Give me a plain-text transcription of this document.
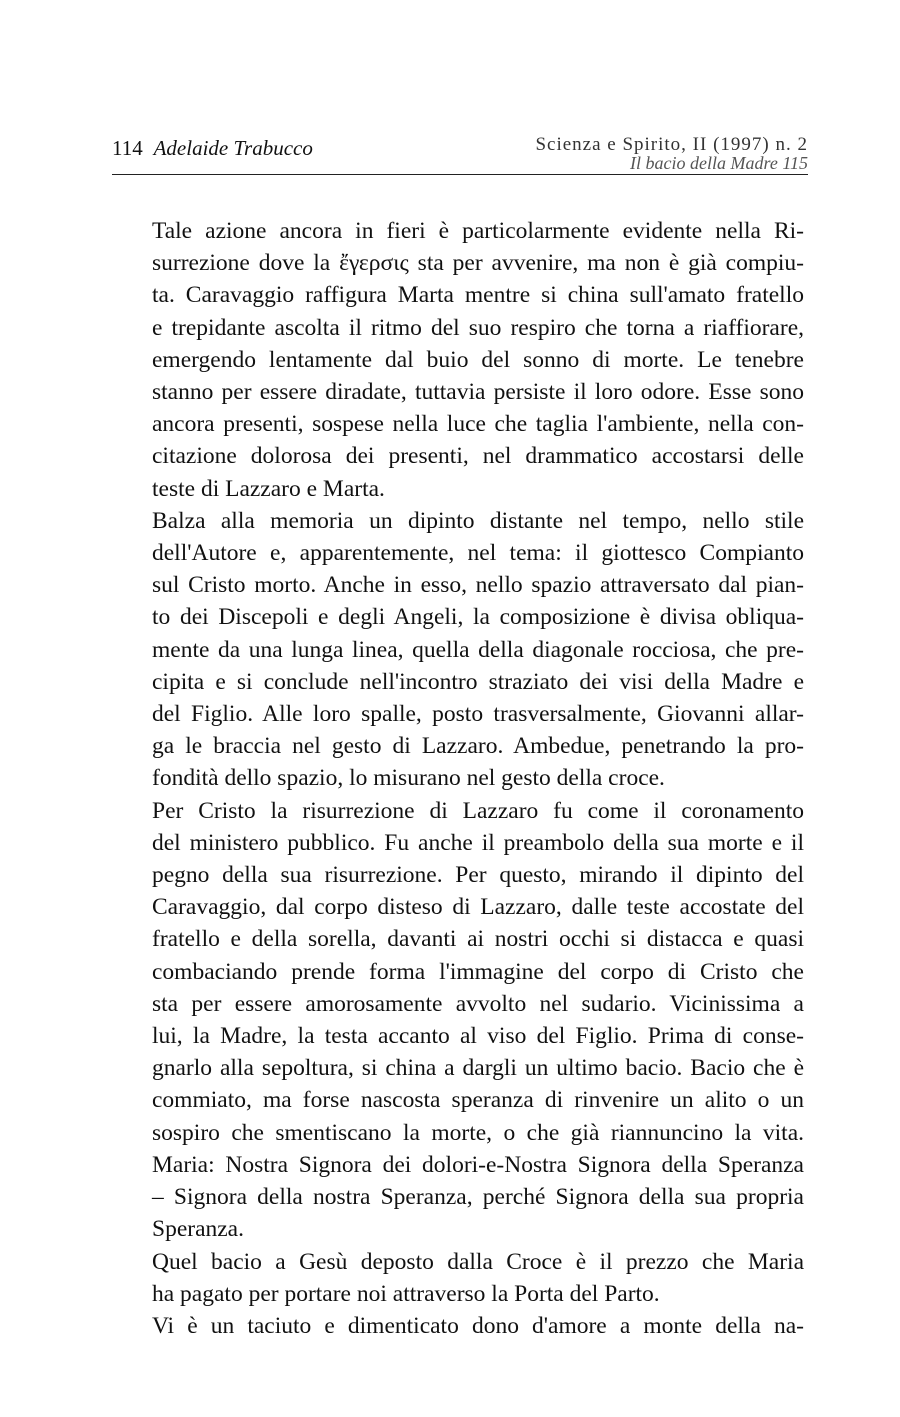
114 Adelaide Trabucco	Scienza e Spirito, II (1997) n. 2
Il bacio della Madre 115

Tale azione ancora in fieri è particolarmente evidente nella Ri-
surrezione dove la ἔγερσις sta per avvenire, ma non è già compiu-
ta. Caravaggio raffigura Marta mentre si china sull'amato fratello
e trepidante ascolta il ritmo del suo respiro che torna a riaffiorare,
emergendo lentamente dal buio del sonno di morte. Le tenebre
stanno per essere diradate, tuttavia persiste il loro odore. Esse sono
ancora presenti, sospese nella luce che taglia l'ambiente, nella con-
citazione dolorosa dei presenti, nel drammatico accostarsi delle
teste di Lazzaro e Marta.

Balza alla memoria un dipinto distante nel tempo, nello stile
dell'Autore e, apparentemente, nel tema: il giottesco Compianto
sul Cristo morto. Anche in esso, nello spazio attraversato dal pian-
to dei Discepoli e degli Angeli, la composizione è divisa obliqua-
mente da una lunga linea, quella della diagonale rocciosa, che pre-
cipita e si conclude nell'incontro straziato dei visi della Madre e
del Figlio. Alle loro spalle, posto trasversalmente, Giovanni allar-
ga le braccia nel gesto di Lazzaro. Ambedue, penetrando la pro-
fondità dello spazio, lo misurano nel gesto della croce.

Per Cristo la risurrezione di Lazzaro fu come il coronamento
del ministero pubblico. Fu anche il preambolo della sua morte e il
pegno della sua risurrezione. Per questo, mirando il dipinto del
Caravaggio, dal corpo disteso di Lazzaro, dalle teste accostate del
fratello e della sorella, davanti ai nostri occhi si distacca e quasi
combaciando prende forma l'immagine del corpo di Cristo che
sta per essere amorosamente avvolto nel sudario. Vicinissima a
lui, la Madre, la testa accanto al viso del Figlio. Prima di conse-
gnarlo alla sepoltura, si china a dargli un ultimo bacio. Bacio che è
commiato, ma forse nascosta speranza di rinvenire un alito o un
sospiro che smentiscano la morte, o che già riannuncino la vita.
Maria: Nostra Signora dei dolori-e-Nostra Signora della Speranza
– Signora della nostra Speranza, perché Signora della sua propria
Speranza.

Quel bacio a Gesù deposto dalla Croce è il prezzo che Maria
ha pagato per portare noi attraverso la Porta del Parto.

Vi è un taciuto e dimenticato dono d'amore a monte della na-
